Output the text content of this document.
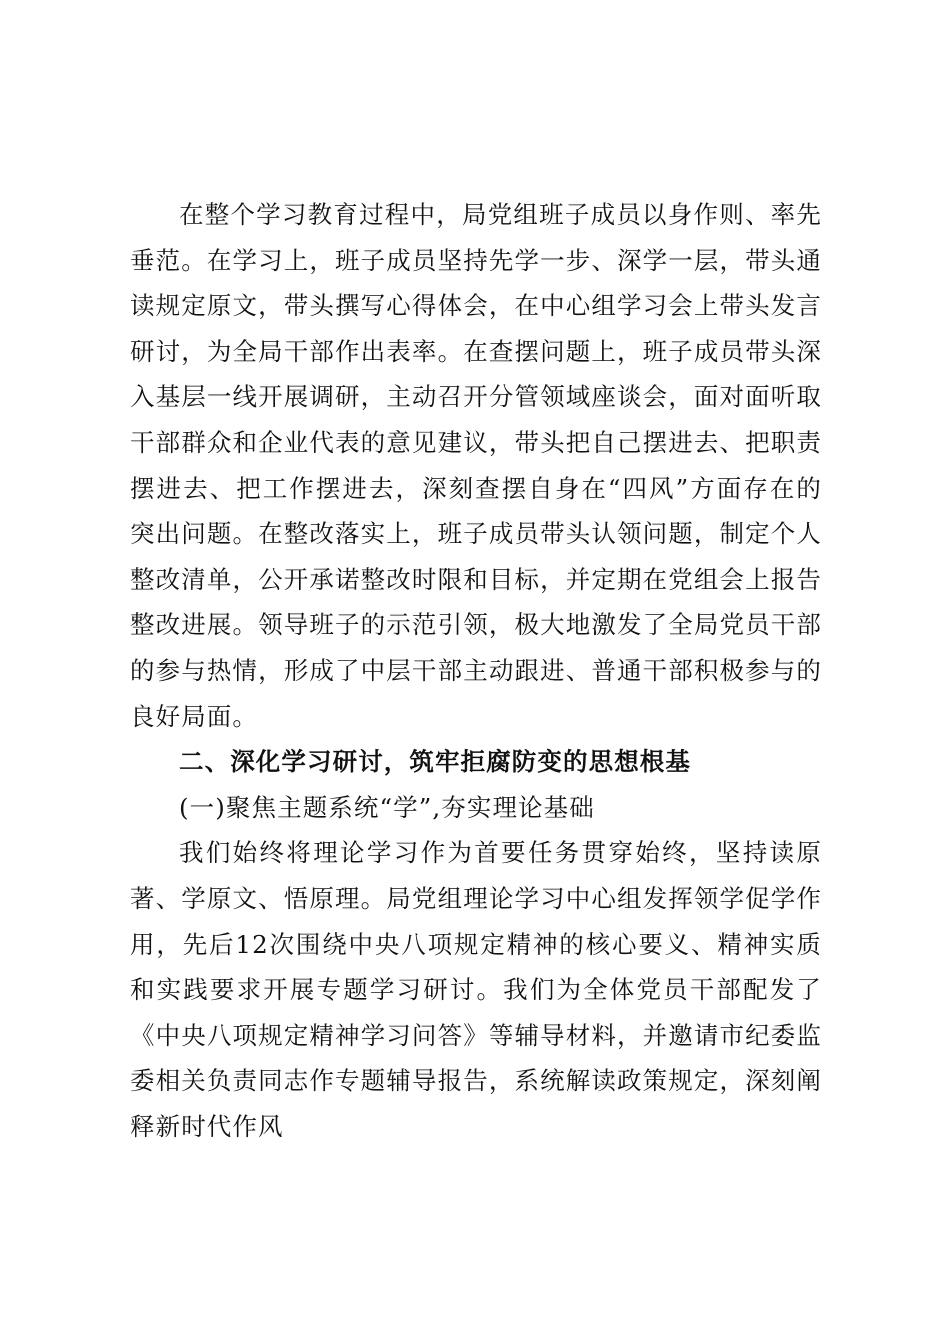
在整个学习教育过程中，局党组班子成员以身作则、率先垂范。在学习上，班子成员坚持先学一步、深学一层，带头通读规定原文，带头撰写心得体会，在中心组学习会上带头发言研讨，为全局干部作出表率。在查摆问题上，班子成员带头深入基层一线开展调研，主动召开分管领域座谈会，面对面听取干部群众和企业代表的意见建议，带头把自己摆进去、把职责摆进去、把工作摆进去，深刻查摆自身在“四风”方面存在的突出问题。在整改落实上，班子成员带头认领问题，制定个人整改清单，公开承诺整改时限和目标，并定期在党组会上报告整改进展。领导班子的示范引领，极大地激发了全局党员干部的参与热情，形成了中层干部主动跟进、普通干部积极参与的良好局面。

二、深化学习研讨，筑牢拒腐防变的思想根基

(一)聚焦主题系统“学”,夯实理论基础

我们始终将理论学习作为首要任务贯穿始终，坚持读原著、学原文、悟原理。局党组理论学习中心组发挥领学促学作用，先后12次围绕中央八项规定精神的核心要义、精神实质和实践要求开展专题学习研讨。我们为全体党员干部配发了《中央八项规定精神学习问答》等辅导材料，并邀请市纪委监委相关负责同志作专题辅导报告，系统解读政策规定，深刻阐释新时代作风
